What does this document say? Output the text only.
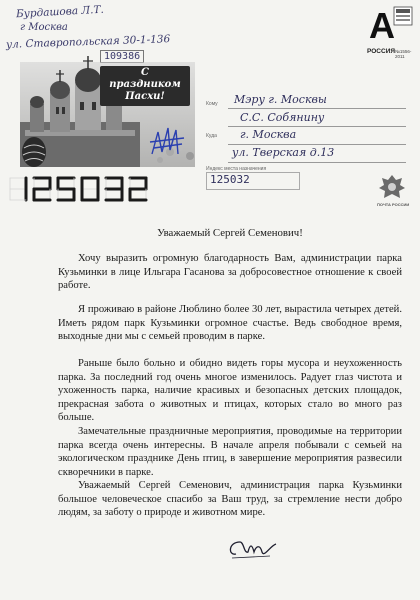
Бурдашова Л.Т.
г Москва
ул. Ставропольская 30-1-136
109386
С праздником Пасхи!
A
РОССИЯ №1556-2011
Кому Мэру г. Москвы
С.С. Собянину
Куда г. Москва
ул. Тверская д.13
Индекс места назначения
125032
ПОЧТА РОССИИ
Уважаемый Сергей Семенович!

Хочу выразить огромную благодарность Вам, администрации парка Кузьминки в лице Ильгара Гасанова за добросовестное отношение к своей работе.

Я проживаю в районе Люблино более 30 лет, вырастила четырех детей. Иметь рядом парк Кузьминки огромное счастье. Ведь свободное время, выходные дни мы с семьей проводим в парке.

Раньше было больно и обидно видеть горы мусора и неухоженность парка. За последний год очень многое изменилось. Радует глаз чистота и ухоженность парка, наличие красивых и безопасных детских площадок, прекрасная забота о животных и птицах, которых стало во много раз больше.

Замечательные праздничные мероприятия, проводимые на территории парка всегда очень интересны. В начале апреля побывали с семьей на экологическом празднике День птиц, в завершение мероприятия развесили скворечники в парке.

Уважаемый Сергей Семенович, администрация парка Кузьминки большое человеческое спасибо за Ваш труд, за стремление нести добро людям, за заботу о природе и животном мире.
